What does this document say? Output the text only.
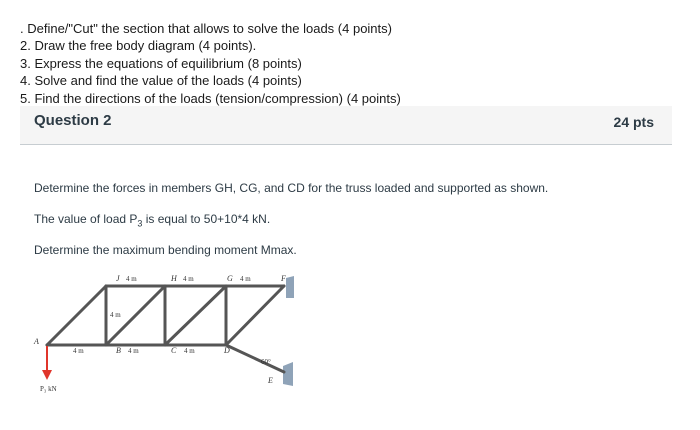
. Define/"Cut" the section that allows to solve the loads (4 points)
2. Draw the free body diagram (4 points).
3. Express the equations of equilibrium (8 points)
4. Solve and find the value of the loads (4 points)
5. Find the directions of the loads (tension/compression) (4 points)
Question 2	24 pts
Determine the forces in members GH, CG, and CD for the truss loaded and supported as shown.
The value of load $P_3$ is equal to 50+10*4 kN.
Determine the maximum bending moment Mmax.
A
B	C	D
E
F
G
H
J 4 m	4 m	4 m
4 m	4 m	4 m
4 m
60°
P₃ kN
